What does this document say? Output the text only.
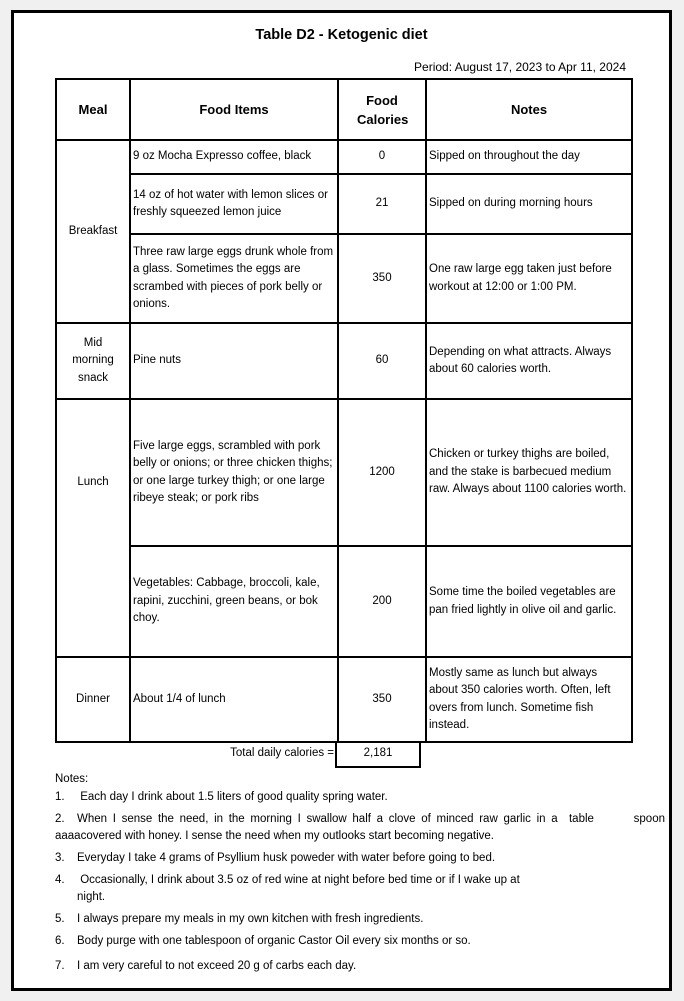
Table D2 - Ketogenic diet
Period: August 17, 2023 to Apr 11, 2024
Meal	Food Items	Food Calories	Notes
Breakfast	9 oz Mocha Expresso coffee, black	0	Sipped on throughout the day
	14 oz of hot water with lemon slices or freshly squeezed lemon juice	21	Sipped on during morning hours
	Three raw large eggs drunk whole from a glass. Sometimes the eggs are scrambed with pieces of pork belly or onions.	350	One raw large egg taken just before workout at 12:00 or 1:00 PM.
Mid morning snack	Pine nuts	60	Depending on what attracts. Always about 60 calories worth.

Lunch	Five large eggs, scrambled with pork belly or onions; or three chicken thighs; or one large turkey thigh; or one large ribeye steak; or pork ribs	1200	Chicken or turkey thighs are boiled, and the stake is barbecued medium raw. Always about 1100 calories worth.
	Vegetables: Cabbage, broccoli, kale, rapini, zucchini, green beans, or bok choy.	200	Some time the boiled vegetables are pan fried lightly in olive oil and garlic.
Dinner	About 1/4 of lunch	350	Mostly same as lunch but always about 350 calories worth. Often, left overs from lunch. Sometime fish instead.
Total daily calories =	2,181
Notes:
1. Each day I drink about 1.5 liters of good quality spring water.
2. When I sense the need, in the morning I swallow half a clove of minced raw garlic in a  table       spoon aaaacovered with honey. I sense the need when my outlooks start becoming negative.
3. Everyday I take 4 grams of Psyllium husk poweder with water before going to bed.
4. Occasionally, I drink about 3.5 oz of red wine at night before bed time or if I wake up at
night.
5. I always prepare my meals in my own kitchen with fresh ingredients.
6. Body purge with one tablespoon of organic Castor Oil every six months or so.
7. I am very careful to not exceed 20 g of carbs each day.
